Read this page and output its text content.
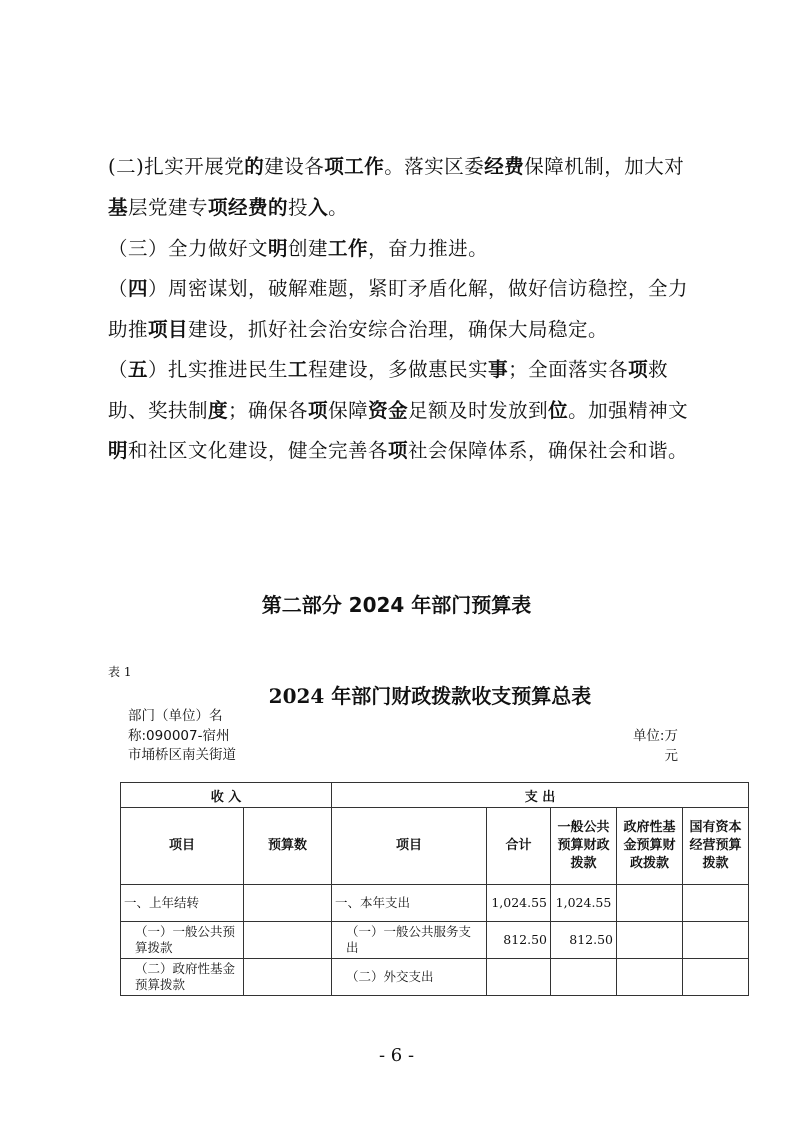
(二)扎实开展党的建设各项工作。落实区委经费保障机制，加大对基层党建专项经费的投入。
（三）全力做好文明创建工作，奋力推进。
（四）周密谋划，破解难题，紧盯矛盾化解，做好信访稳控，全力助推项目建设，抓好社会治安综合治理，确保大局稳定。
（五）扎实推进民生工程建设，多做惠民实事；全面落实各项救助、奖扶制度；确保各项保障资金足额及时发放到位。加强精神文明和社区文化建设，健全完善各项社会保障体系，确保社会和谐。
第二部分 2024 年部门预算表
表 1
2024 年部门财政拨款收支预算总表
部门（单位）名称:090007-宿州市埇桥区南关街道
单位:万元
收 入		支 出				
项目	预算数	项目	合计	一般公共预算财政拨款	政府性基金预算财政拨款	国有资本经营预算拨款
一、上年结转		一、本年支出	1,024.55	1,024.55		
（一）一般公共预算拨款		（一）一般公共服务支出	812.50	812.50		
（二）政府性基金预算拨款		（二）外交支出				
- 6 -
